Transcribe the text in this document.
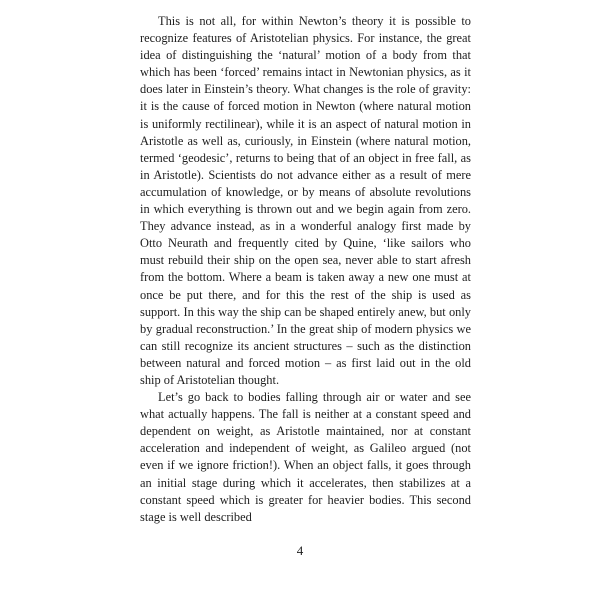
This is not all, for within Newton’s theory it is possible to recognize features of Aristotelian physics. For instance, the great idea of distinguishing the ‘natural’ motion of a body from that which has been ‘forced’ remains intact in Newtonian physics, as it does later in Einstein’s theory. What changes is the role of gravity: it is the cause of forced motion in Newton (where natural motion is uniformly rectilinear), while it is an aspect of natural motion in Aristotle as well as, curiously, in Einstein (where natural motion, termed ‘geodesic’, returns to being that of an object in free fall, as in Aristotle). Scientists do not advance either as a result of mere accumulation of knowledge, or by means of absolute revolutions in which everything is thrown out and we begin again from zero. They advance instead, as in a wonderful analogy first made by Otto Neurath and frequently cited by Quine, ‘like sailors who must rebuild their ship on the open sea, never able to start afresh from the bottom. Where a beam is taken away a new one must at once be put there, and for this the rest of the ship is used as support. In this way the ship can be shaped entirely anew, but only by gradual reconstruction.’ In the great ship of modern physics we can still recognize its ancient structures – such as the distinction between natural and forced motion – as first laid out in the old ship of Aristotelian thought.

Let’s go back to bodies falling through air or water and see what actually happens. The fall is neither at a constant speed and dependent on weight, as Aristotle maintained, nor at constant acceleration and independent of weight, as Galileo argued (not even if we ignore friction!). When an object falls, it goes through an initial stage during which it accelerates, then stabilizes at a constant speed which is greater for heavier bodies. This second stage is well described

4
